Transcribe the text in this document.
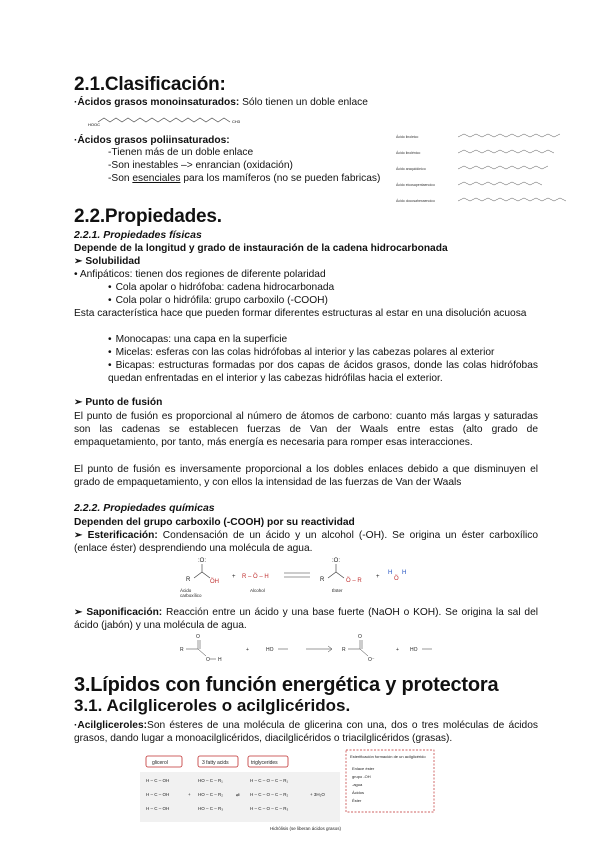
2.1.Clasificación:
·Ácidos grasos monoinsaturados: Sólo tienen un doble enlace
HOOC
CH3
·Ácidos grasos poliinsaturados:
-Tienen más de un doble enlace
-Son inestables –> enrancian (oxidación)
-Son esenciales para los mamíferos (no se pueden fabricas)
Ácido linoleico
Ácido linolénico
Ácido araquidónico
Ácido eicosapentaenoico
Ácido docosahexaenoico
2.2.Propiedades.
2.2.1. Propiedades físicas
Depende de la longitud y grado de instauración de la cadena hidrocarbonada
➢ Solubilidad
• Anfipáticos: tienen dos regiones de diferente polaridad
• Cola apolar o hidrófoba: cadena hidrocarbonada
• Cola polar o hidrófila: grupo carboxilo (-COOH)
Esta característica hace que pueden formar diferentes estructuras al estar en una disolución acuosa
• Monocapas: una capa en la superficie
• Micelas: esferas con las colas hidrófobas al interior y las cabezas polares al exterior
• Bicapas: estructuras formadas por dos capas de ácidos grasos, donde las colas hidrófobas quedan enfrentadas en el interior y las cabezas hidrófilas hacia el exterior.
➢ Punto de fusión
El punto de fusión es proporcional al número de átomos de carbono: cuanto más largas y saturadas son las cadenas se establecen fuerzas de Van der Waals entre estas (alto grado de empaquetamiento, por tanto, más energía es necesaria para romper esas interacciones.
El punto de fusión es inversamente proporcional a los dobles enlaces debido a que disminuyen el grado de empaquetamiento, y con ellos la intensidad de las fuerzas de Van der Waals
2.2.2. Propiedades químicas
Dependen del grupo carboxilo (-COOH) por su reactividad
➢ Esterificación: Condensación de un ácido y un alcohol (-OH). Se origina un éster carboxílico (enlace éster) desprendiendo una molécula de agua.
:O:
R	ÖH
+ R – Ö – H
:O:
R	Ö – R
+
H
Ö
H
Ácido
carboxílico
Alcohol	Éster
➢ Saponificación: Reacción entre un ácido y una base fuerte (NaOH o KOH). Se origina la sal del ácido (jabón) y una molécula de agua.
R
O
O H
+	HO	R
O
O⁻
+ HO
3.Lípidos con función energética y protectora
3.1. Acilgliceroles o acilglicéridos.
·Acilgliceroles:Son ésteres de una molécula de glicerina con una, dos o tres moléculas de ácidos grasos, dando lugar a monoacilglicéridos, diacilglicéridos o triacilglicéridos (grasas).
glicerol	3 fatty acids	triglycerides
H – C – OH
H – C – OH
H – C – OH
+
HO – C – R₁
HO – C – R₂
HO – C – R₃
⇌
H – C – O – C – R₁
H – C – O – C – R₂
H – C – O – C – R₃
+ 3H₂O
Esterificación formación de un acilglicérido
Enlace éster
grupo -OH
-agua
Ácidos
Éster
Hidrólisis (se liberan ácidos grasos)
